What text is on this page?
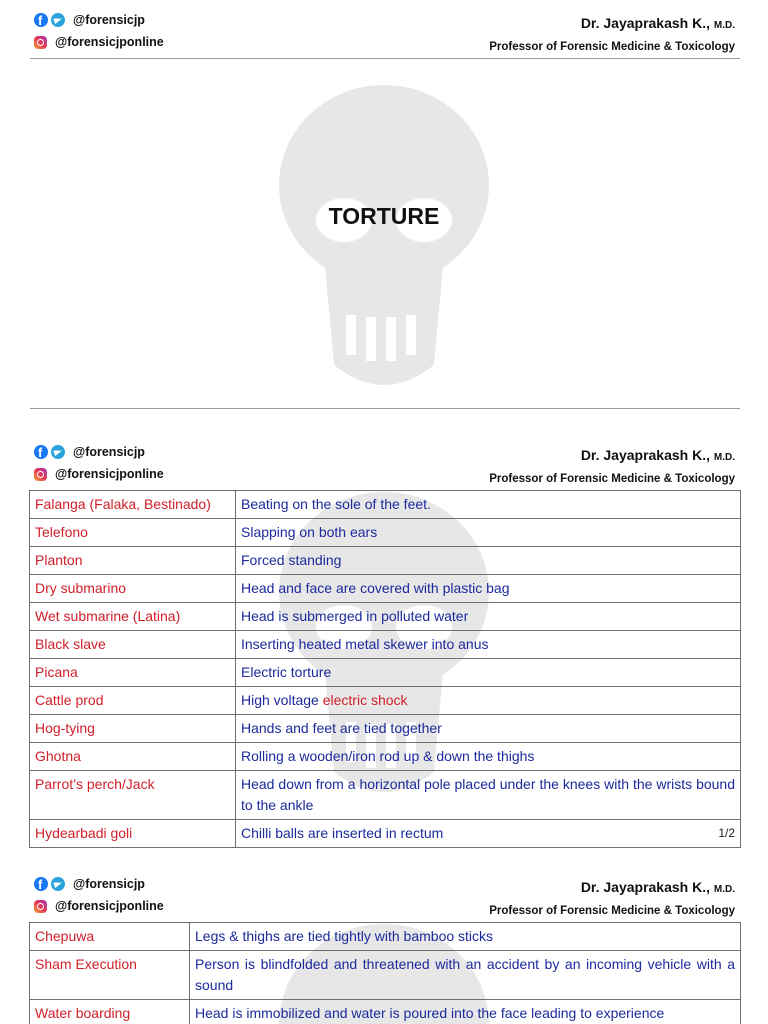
f
@forensicjp
@forensicjponline
Dr. Jayaprakash K., M.D.
Professor of Forensic Medicine & Toxicology
TORTURE
f
@forensicjp
@forensicjponline
Dr. Jayaprakash K., M.D.
Professor of Forensic Medicine & Toxicology
Falanga (Falaka, Bestinado)	Beating on the sole of the feet.
Telefono	Slapping on both ears
Planton	Forced standing
Dry submarino	Head and face are covered with plastic bag
Wet submarine (Latina)	Head is submerged in polluted water
Black slave	Inserting heated metal skewer into anus
Picana	Electric torture
Cattle prod	High voltage electric shock
Hog-tying	Hands and feet are tied together
Ghotna	Rolling a wooden/iron rod up & down the thighs
Parrot’s perch/Jack	Head down from a horizontal pole placed under the knees with the wrists bound to the ankle
Hydearbadi goli	Chilli balls are inserted in rectum 1/2
f
@forensicjp
@forensicjponline
Dr. Jayaprakash K., M.D.
Professor of Forensic Medicine & Toxicology
Chepuwa	Legs & thighs are tied tightly with bamboo sticks
Sham Execution	Person is blindfolded and threatened with an accident by an incoming vehicle with a sound
Water boarding	Head is immobilized and water is poured into the face leading to experience
